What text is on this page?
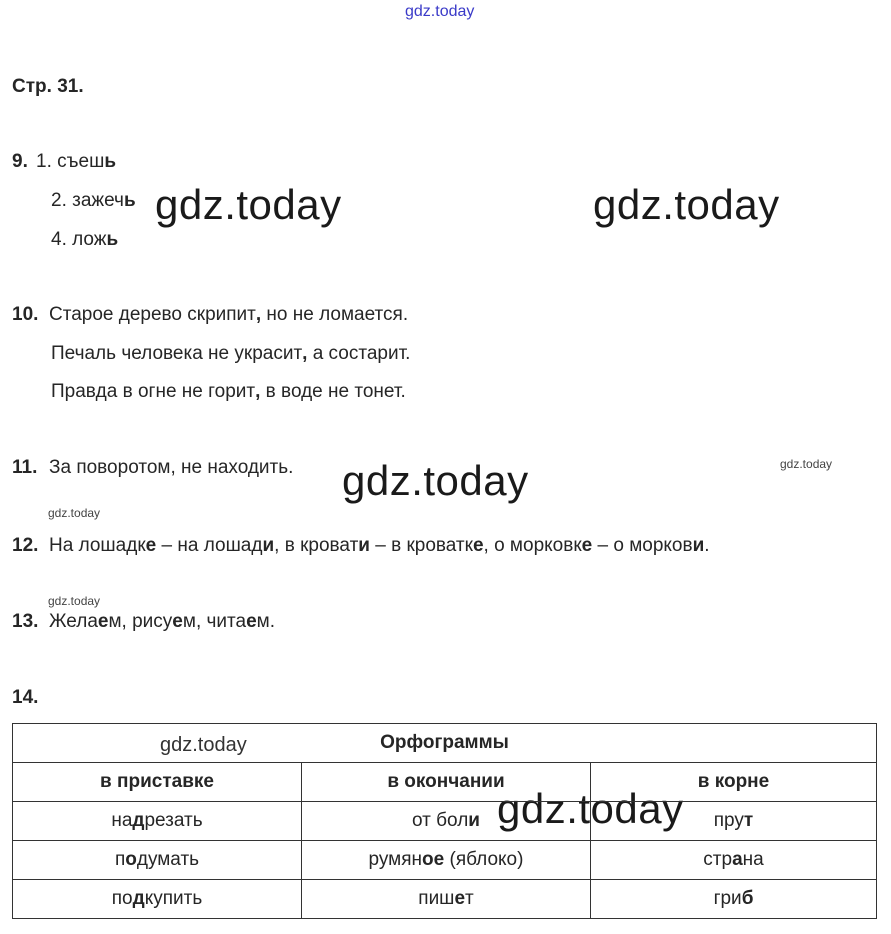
gdz.today
gdz.today	gdz.today
gdz.today
gdz.today
gdz.today
gdz.today
gdz.today
Стр. 31.
9. 1. съешь
2. зажечь
4. ложь
10. Старое дерево скрипит, но не ломается.
Печаль человека не украсит, а состарит.
Правда в огне не горит, в воде не тонет.
11. За поворотом, не находить.
12. На лошадке – на лошади, в кровати – в кроватке, о морковке – о моркови.
13. Желаем, рисуем, читаем.
14.
gdz.today Орфограммы		
в приставке	в окончании	в корне
надрезать	от боли	прут
подумать	румяное (яблоко)	страна
подкупить	пишет	гриб
